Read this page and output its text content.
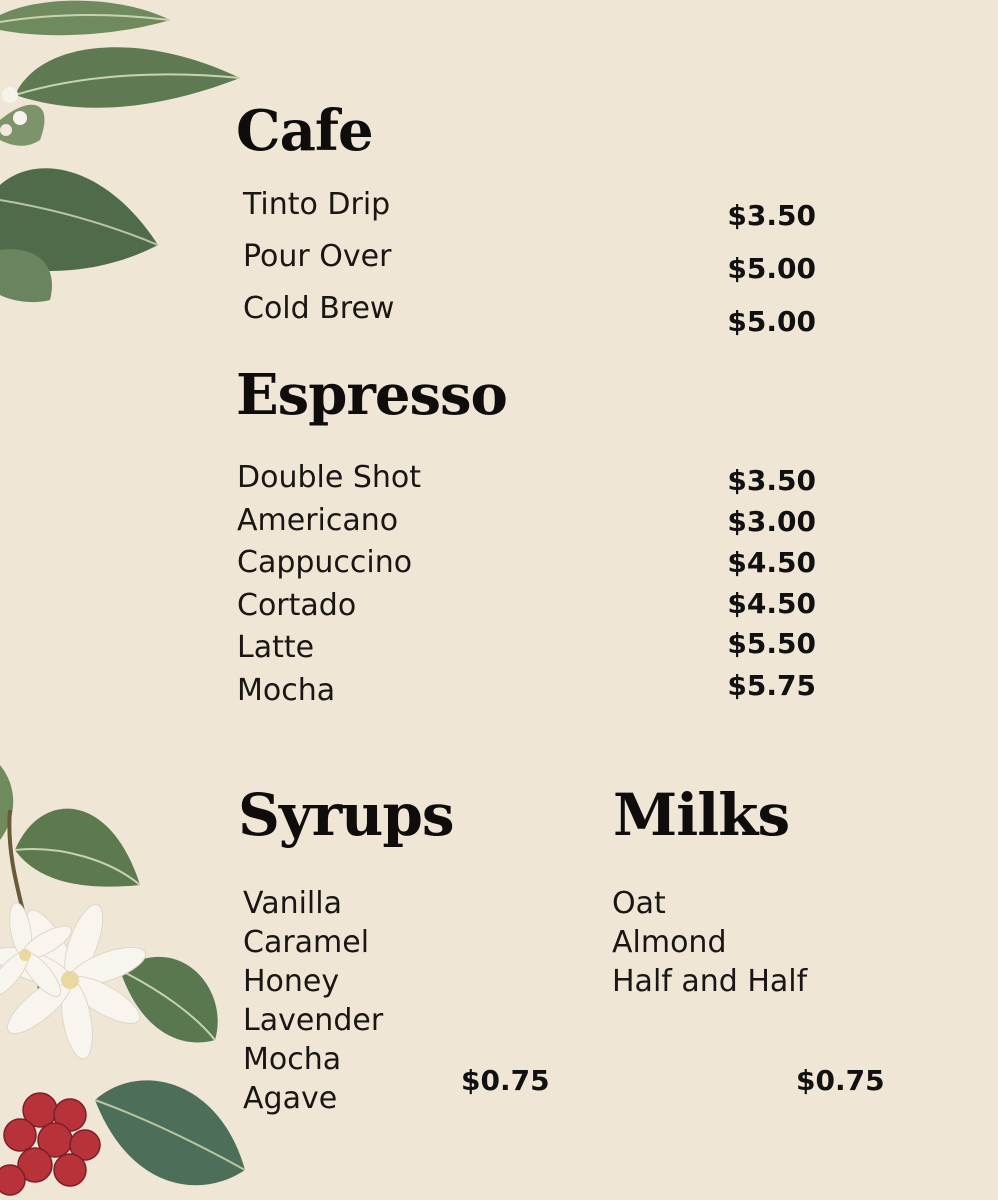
Cafe
Tinto Drip	$3.50
Pour Over	$5.00
Cold Brew	$5.00
Espresso
Double Shot	$3.50
Americano	$3.00
Cappuccino	$4.50
Cortado	$4.50
Latte	$5.50
Mocha	$5.75
Syrups
Vanilla
Caramel
Honey
Lavender
Mocha
Agave
$0.75
Milks
Oat
Almond
Half and Half
$0.75
